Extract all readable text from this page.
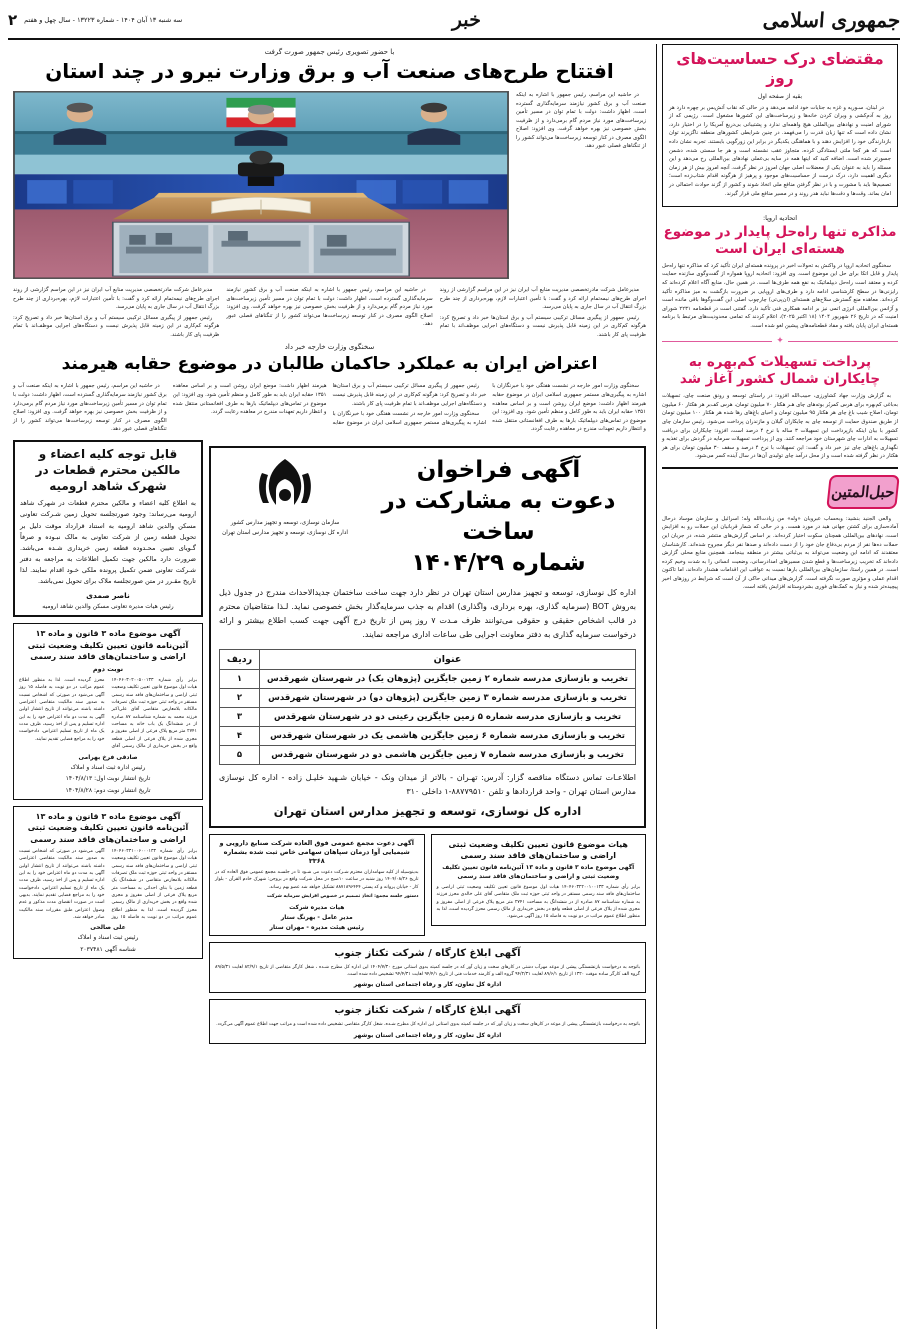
جمهوری اسلامی
خبر
سه شنبه ۱۳ آبان ۱۴۰۴ - شماره ۱۳۲۲۳ - سال چهل و هفتم
۲
مقتضای درک حساسیت‌های روز
بقیه از صفحه اول

در لبنان، سـوریه و غزه به جنایات خود ادامه می‌دهد و در حالی که نقاب آتش‌بس بر چهره دارد هر روز به آدم‌کشی و ویران کردن خانه‌ها و زیرساخت‌های این کشورها مشغول است. رژیمی که از شورای امنیت و نهادهای بین‌المللی هیچ واهمه‌ای ندارد و پشتیبانی بی‌دریغ آمریکا را در اختیار دارد، نشان داده است که تنها زبان قدرت را می‌فهمد. در چنین شرایطی کشورهای منطقه ناگزیرند توان بازدارندگی خود را افزایش دهند و با هماهنگی یکدیگر در برابر این زورگویی بایستند. تجربه نشان داده است که هر کجا ملتی ایستادگی کرده، متجاوز عقب نشسته است و هر جا سستی شده، دشمن جسورتر شده است. اضافه کنید که اینها همه در سایه بی‌عملی نهادهای بین‌المللی رخ می‌دهد و این مسئله را باید به عنوان یکی از معضلات اصلی جهان امروز در نظر گرفت. آنچه امروز بیش از هر زمان دیگری اهمیت دارد، درک درست از حساسیت‌های موجود و پرهیز از هرگونه اقدام شتاب‌زده است؛ تصمیم‌ها باید با مشورت و با در نظر گرفتن منافع ملی اتخاذ شوند و کشور از گزند حوادث احتمالی در امان بماند. وقت‌ها و دقت‌ها نباید هدر روند و در مسیر منافع ملی قرار گیرند.

اتحادیه اروپا:
مذاکره تنها راه‌حل پایدار در موضوع هسته‌ای ایران است

سخنگوی اتحادیه اروپا در واکنش به تحولات اخیر در پرونده هسته‌ای ایران تأکید کرد که مذاکره تنها راه‌حل پایدار و قابل اتکا برای حل این موضوع است. وی افزود: اتحادیه اروپا همواره از گفت‌وگوی سازنده حمایت کرده و معتقد است راه‌حل دیپلماتیک به نفع همه طرف‌ها است. در همین حال، منابع آگاه اعلام کرده‌اند که رایزنی‌ها در سطح کارشناسی ادامه دارد و طرف‌های اروپایی بر ضرورت بازگشت به میز مذاکره تأکید کرده‌اند. معاهده منع گسترش سلاح‌های هسته‌ای (ان‌پی‌تی) چارچوب اصلی این گفت‌وگوها باقی مانده است و آژانس بین‌المللی انرژی اتمی نیز بر ادامه همکاری فنی تأکید دارد. گفتنی است در قطعنامه ۲۲۳۱ شورای امنیت که در تاریخ ۲۶ شهریور ۱۴۰۴ (۱۸ اکتبر ۲۰۲۵)، اعلام کردند که تمامی محدودیت‌های مرتبط با برنامه هسته‌ای ایران پایان یافته و مفاد قطعنامه‌های پیشین لغو شده است.

✦
پرداخت تسهیلات کم‌بهره به چایکاران شمال کشور آغاز شد

به گزارش وزارت جهاد کشاورزی، حبیب‌الله افزود: در راستای توسعه و رونق صنعت چای، تسهیلات به‌باغی کم‌بهره برای هرس کمربُر بوته‌های چای هـر هکتار ۷۰ میلیون تومان، هرس کف‌بر هر هکتار ۶۰ میلیون تومان، اصلاح شیب باغ چای هر هکتار ۹۵ میلیون تومان و احیای باغ‌های رها شده هر هکتار ۱۰۰ میلیون تومان از طریق صندوق حمایت از توسعه چای به چایکاران گیلان و مازندران پرداخت می‌شود. رئیس سازمان چای کشور با بیان اینکه بازپرداخت این تسهیلات ۳ ساله با نرخ ۴ درصد است، افزود: چایکاران برای دریافت تسهیلات به ادارات چای شهرستان خود مراجعه کنند. وی از پرداخت تسهیلات سرمایه در گردش برای تغذیه و نگهداری باغ‌های چای نیز خبر داد و گفت: این تسهیلات با نرخ ۴ درصد و سقف ۳۰ میلیون تومان برای هر هکتار در نظر گرفته شده است و از محل درآمد چای تولیدی آن‌ها در سال آینده کسر می‌شود.

حبل‌المتین

والعی الجنید بنشید: وبحساب عبرویان «وله» من زیادت‌الله وله؛ اسرائیل و سازمان موساد درحال آماده‌سازی برای کشتن جهانی هید در مورد هست. و در حالی که شمار قربانیان این حملات رو به افزایش است، نهادهای بین‌المللی همچنان سکوت اختیار کرده‌اند. بر اساس گزارش‌های منتشر شده، در جریان این حملات ده‌ها نفر از مردم بی‌دفاع جان خود را از دست داده‌اند و صدها نفر دیگر مجروح شده‌اند. کارشناسان معتقدند که ادامه این وضعیت می‌تواند به بی‌ثباتی بیشتر در منطقه بینجامد. همچنین منابع محلی گزارش داده‌اند که تخریب زیرساخت‌ها و قطع شدن مسیرهای امدادرسانی، وضعیت انسانی را به شدت وخیم کرده است. در همین راستا، سازمان‌های بین‌المللی بارها نسبت به عواقب این اقدامات هشدار داده‌اند، اما تاکنون اقدام عملی و مؤثری صورت نگرفته است. گزارش‌های میدانی حاکی از آن است که شرایط در روزهای اخیر پیچیده‌تر شده و نیاز به کمک‌های فوری بشردوستانه افزایش یافته است.

با حضور تصویری رئیس جمهور صورت گرفت
افتتاح طرح‌های صنعت آب و برق وزارت نیرو در چند استان

در حاشیه این مراسم، رئیس جمهور با اشاره به اینکه صنعت آب و برق کشور نیازمند سرمایه‌گذاری گسترده است، اظهار داشت: دولت با تمام توان در مسیر تأمین زیرساخت‌های مورد نیاز مردم گام برمی‌دارد و از ظرفیت بخش خصوصی نیز بهره خواهد گرفت. وی افزود: اصلاح الگوی مصرف در کنار توسعه زیرساخت‌ها می‌تواند کشور را از تنگناهای فصلی عبور دهد.

مدیرعامل شرکت مادرتخصصی مدیریت منابع آب ایران نیز در این مراسم گزارشی از روند اجرای طرح‌های نیمه‌تمام ارائه کرد و گفت: با تأمین اعتبارات لازم، بهره‌برداری از چند طرح بزرگ انتقال آب در سال جاری به پایان می‌رسد.

رئیس جمهور از پیگیری مسائل ترکیبی سیستم آب و برق استان‌ها خبر داد و تصریح کرد: هرگونه کم‌کاری در این زمینه قابل پذیرش نیست و دستگاه‌های اجرایی موظف‌اند با تمام ظرفیت پای کار باشند.

در حاشیه این مراسم، رئیس جمهور با اشاره به اینکه صنعت آب و برق کشور نیازمند سرمایه‌گذاری گسترده است، اظهار داشت: دولت با تمام توان در مسیر تأمین زیرساخت‌های مورد نیاز مردم گام برمی‌دارد و از ظرفیت بخش خصوصی نیز بهره خواهد گرفت. وی افزود: اصلاح الگوی مصرف در کنار توسعه زیرساخت‌ها می‌تواند کشور را از تنگناهای فصلی عبور دهد.

مدیرعامل شرکت مادرتخصصی مدیریت منابع آب ایران نیز در این مراسم گزارشی از روند اجرای طرح‌های نیمه‌تمام ارائه کرد و گفت: با تأمین اعتبارات لازم، بهره‌برداری از چند طرح بزرگ انتقال آب در سال جاری به پایان می‌رسد.

رئیس جمهور از پیگیری مسائل ترکیبی سیستم آب و برق استان‌ها خبر داد و تصریح کرد: هرگونه کم‌کاری در این زمینه قابل پذیرش نیست و دستگاه‌های اجرایی موظف‌اند با تمام ظرفیت پای کار باشند.

سخنگوی وزارت خارجه خبر داد
اعتراض ایران به عملکرد حاکمان طالبان در موضوع حقابه هیرمند

سخنگوی وزارت امور خارجه در نشست هفتگی خود با خبرنگاران با اشاره به پیگیری‌های مستمر جمهوری اسلامی ایران در موضوع حقابه هیرمند اظهار داشت: موضع ایران روشن است و بر اساس معاهده ۱۳۵۱ حقابه ایران باید به طور کامل و منظم تأمین شود. وی افزود: این موضوع در تماس‌های دیپلماتیک بارها به طرف افغانستانی منتقل شده و انتظار داریم تعهدات مندرج در معاهده رعایت گردد.

رئیس جمهور از پیگیری مسائل ترکیبی سیستم آب و برق استان‌ها خبر داد و تصریح کرد: هرگونه کم‌کاری در این زمینه قابل پذیرش نیست و دستگاه‌های اجرایی موظف‌اند با تمام ظرفیت پای کار باشند.

سخنگوی وزارت امور خارجه در نشست هفتگی خود با خبرنگاران با اشاره به پیگیری‌های مستمر جمهوری اسلامی ایران در موضوع حقابه هیرمند اظهار داشت: موضع ایران روشن است و بر اساس معاهده ۱۳۵۱ حقابه ایران باید به طور کامل و منظم تأمین شود. وی افزود: این موضوع در تماس‌های دیپلماتیک بارها به طرف افغانستانی منتقل شده و انتظار داریم تعهدات مندرج در معاهده رعایت گردد.

در حاشیه این مراسم، رئیس جمهور با اشاره به اینکه صنعت آب و برق کشور نیازمند سرمایه‌گذاری گسترده است، اظهار داشت: دولت با تمام توان در مسیر تأمین زیرساخت‌های مورد نیاز مردم گام برمی‌دارد و از ظرفیت بخش خصوصی نیز بهره خواهد گرفت. وی افزود: اصلاح الگوی مصرف در کنار توسعه زیرساخت‌ها می‌تواند کشور را از تنگناهای فصلی عبور دهد.

آگهی فراخوان
دعوت به مشارکت در ساخت
شماره ۱۴۰۴/۲۹
سازمان نوسازی، توسعه و تجهیز مدارس کشور
اداره کل نوسازی، توسعه و تجهیز مدارس استان تهران
اداره کل نوسازی، توسعه و تجهیز مدارس استان تهران در نظر دارد جهت ساخت ساختمان جدیدالاحداث مندرج در جدول ذیل به‌روش BOT (سرمایه گذاری، بهره برداری، واگذاری) اقدام به جذب سرمایه‌گذار بخش خصوصی نماید. لـذا متقاضیان محترم در قالب اشخاص حقیقی و حقوقی می‌توانند ظرف مـدت ۷ روز پس از تاریخ درج آگهی جهت کسب اطلاع بیشتر و ارائه درخواست سرمایه گذاری به دفتر معاونت اجرایی طی ساعات اداری مراجعه نمایند.
عنوان	ردیف
تخریب و بازسازی مدرسه شماره ۲ زمین جایگزین (پژوهان یک) در شهرستان شهرقدس	۱
تخریب و بازسازی مدرسه شماره ۳ زمین جایگزین (پژوهان دو) در شهرستان شهرقدس	۲
تخریب و بازسازی مدرسه شماره ۵ زمین جایگزین رعیتی دو در شهرستان شهرقدس	۳
تخریب و بازسازی مدرسه شماره ۶ زمین جایگزین هاشمی یک در شهرستان شهرقدس	۴
تخریب و بازسازی مدرسه شماره ۷ زمین جایگزین هاشمی دو در شهرستان شهرقدس	۵
اطلاعـات تماس دستگاه مناقصه گزار: آدرس: تهـران - بالاتر از میدان ونک - خیابان شـهید خلیـل زاده - اداره کل نوسازی مدارس استان تهران - واحد قراردادها و تلفن ۸۸۷۷۹۵۱۰-۱ داخلی ۳۱۰
اداره کل نوسازی، توسعه و تجهیز مدارس استان تهران
هیات موضوع قانون تعیین تکلیف وضعیت ثبتی اراضی و ساختمان‌های فاقد سند رسمی
آگهی موضوع ماده ۳ قانون و ماده ۱۳ آئین‌نامه قانون تعیین تکلیف وضعیت ثبتی و اراضی و ساختمان‌های فاقد سند رسمی
برابر رأی شماره ۱۴۰۴۶۰۳۲۲۰۰۱۰۰۱۳۳ هیات اول موضوع قانون تعیین تکلیف وضعیت ثبتی اراضی و ساختمان‌های فاقد سند رسمی مستقر در واحد ثبتی حوزه ثبت ملک متقاضی آقای علی خالدی محرز فرزند به شماره شناسنامه ۸۷ صادره از در ششدانگ به مساحت ۲۷۴۱ متر مربع پلاک فرعی از اصلی مفروز و مجزی شده از پلاک فرعی از اصلی قطعه واقع در بخش خریداری از مالک رسمی محرز گردیده است، لذا به منظور اطلاع عموم مراتب در دو نوبت به فاصله ۱۵ روز آگهی می‌شود.
آگهی دعوت مجمع عمومی فوق العاده شرکت صنایع دارویی و شیمیایی آوا درمان سپاهان سهامی خاص ثبت شده بشماره ۳۳۶۸
بدینوسیله از کلیه سهامداران محترم شـرکت دعوت می شـود تا در جلسـه مجمع عمومی فوق العاده که در تاریخ ۱۴۰۴/۰۸/۲۶ روز شنبه در ساعت ۱۰صبح در محل شرکت واقع در بروجن: شهرک خادم القرآن - بلوار کار - خیابان پروانه و کد پستی ۸۸۷۱۸۹۶۴۴۴ تشکیل خواهد شد عضو بهم رساند.
دستور جلسه مجمع: اتخاذ تصمیم در خصوص افزایش سرمایه شرکت
هیات مدیره شرکت
مدیر عامل - بهرنگ ستار
رئیس هیئت مدیره - مهران ستار
آگهی ابلاغ کارگاه / شرکت تکتاز جنوب
باتوجه به درخواست بازنشستگی پیشی از موعد مهرآب دشتی در کارهای سخت و زیان آور که در جلسه کمیته بدوی استانی مورخ ۱۴۰۴/۷/۳۰ این اداره کل مطرح شـده ، شغل کارگر متقاضی از تاریخ ۸۲/۹/۱ لغایت ۸۹/۵/۳۱ گروه الف کارگر ساده موقت ۱۳۲۰ از تاریخ ۸۹/۶/۱ لغایت ۹۴/۲/۳۱ گروه الف و کارمند خدمات فنی از تاریخ ۹۴/۴/۱ لغایت ۹۴/۴/۳۱ تشخیص داده شده است.
اداره کل تعاون، کار و رفاه اجتماعی استان بوشهر
آگهی ابلاغ کارگاه / شرکت تکتاز جنوب
باتوجه به درخواست بازنشستگی پیشی از موعد در کارهای سخت و زیان آور که در جلسه کمیته بدوی استانی این اداره کل مطرح شـده، شغل کارگر متقاضی تشخیص داده شده است و مراتب جهت اطلاع عموم آگهی می‌گردد.
اداره کل تعاون، کار و رفاه اجتماعی استان بوشهر
قابل توجه کلیه اعضاء و مالکین محترم قطعات در شهرک شاهد ارومیه
به اطلاع کلیه اعضاء و مالکین محترم قطعات در شهرک شاهد ارومیه می‌رساند: وجود صورتجلسه تحویل زمین شـرکت تعاونی مسکن والدین شاهد ارومیه به استناد قرارداد موقت دلیل بر تحویل قطعه زمین از شرکت تعاونی به مالک نبـوده و صرفاً گـویای تعیین محـدوده قطعه زمین خریداری شـده می‌باشد. ضرورت دارد مالکین جهت تکمیل اطلاعات به مراجعه به دفتر شـرکت تعاونی ضمن تکمیل پرونده ملکی خـود اقدام نمایند. لذا تاریخ مقـرر در متن صورتجلسه ملاک برای تحویل نمی‌باشد.
ناصر صمدی
رئیس هیات مدیره تعاونی مسکن والدین شاهد ارومیه
آگهی موضوع ماده ۳ قانون و ماده ۱۳ آئین‌نامه قانون تعیین تکلیف وضعیت ثبتی اراضی و ساختمان‌های فاقد سند رسمی
نوبت دوم
برابر رأی شماره ۱۴۰۴۶۰۳۰۲۰۰۵۰۰۱۳۳ هیات اول موضوع قانون تعیین تکلیف وضعیت ثبتی اراضی و ساختمان‌های فاقد سند رسمی مستقر در واحد ثبتی حوزه ثبت ملک تصرفات مالکانه بلامعارض متقاضی آقای علی‌اکبر فرزند محمد به شماره شناسنامه ۸۷ صادره از در ششدانگ یک باب خانه به مساحت ۲۷۴۱ متر مربع پلاک فرعی از اصلی مفروز و مجزی شده از پلاک فرعی از اصلی قطعه واقع در بخش خریداری از مالک رسمی آقای محرز گردیده است. لذا به منظور اطلاع عموم مراتب در دو نوبت به فاصله ۱۵ روز آگهی می‌شود در صورتی که اشخاص نسبت به صدور سند مالکیت متقاضی اعتراضی داشته باشند می‌توانند از تاریخ انتشار اولین آگهی به مدت دو ماه اعتراض خود را به این اداره تسلیم و پس از اخذ رسید، ظرف مدت یک ماه از تاریخ تسلیم اعتراض، دادخواست خود را به مراجع قضایی تقدیم نمایند.
صادقی فرخ بهرامی
رئیس اداره ثبت اسناد و املاک
تاریخ انتشار نوبت اول: ۱۴۰۴/۸/۱۳
تاریخ انتشار نوبت دوم: ۱۴۰۴/۸/۲۸
آگهی موضوع ماده ۳ قانون و ماده ۱۳ آئین‌نامه قانون تعیین تکلیف وضعیت ثبتی اراضی و ساختمان‌های فاقد سند رسمی
برابر رأی شماره ۱۴۰۴۶۰۳۳۱۰۰۶۰۰۰۱۳۳ هیات اول موضوع قانون تعیین تکلیف وضعیت ثبتی اراضی و ساختمان‌های فاقد سند رسمی مستقر در واحد ثبتی حوزه ثبت ملک تصرفات مالکانه بلامعارض متقاضی در ششدانگ یک قطعه زمین با بنای احداثی به مساحت متر مربع پلاک فرعی از اصلی مفروز و مجزی شده واقع در بخش خریداری از مالک رسمی محرز گردیده است. لذا به منظور اطلاع عموم مراتب در دو نوبت به فاصله ۱۵ روز آگهی می‌شود در صورتی که اشخاص نسبت به صدور سند مالکیت متقاضی اعتراضی داشته باشند می‌توانند از تاریخ انتشار اولین آگهی به مدت دو ماه اعتراض خود را به این اداره تسلیم و پس از اخذ رسید، ظرف مدت یک ماه از تاریخ تسلیم اعتراض، دادخواست خود را به مراجع قضایی تقدیم نمایند. بدیهی است در صورت انقضای مدت مذکور و عدم وصول اعتراض طبق مقررات سند مالکیت صادر خواهد شد.
علی صالحی
رئیس ثبت اسناد و املاک
شناسه آگهی ۲۰۳۷۴۸۱
